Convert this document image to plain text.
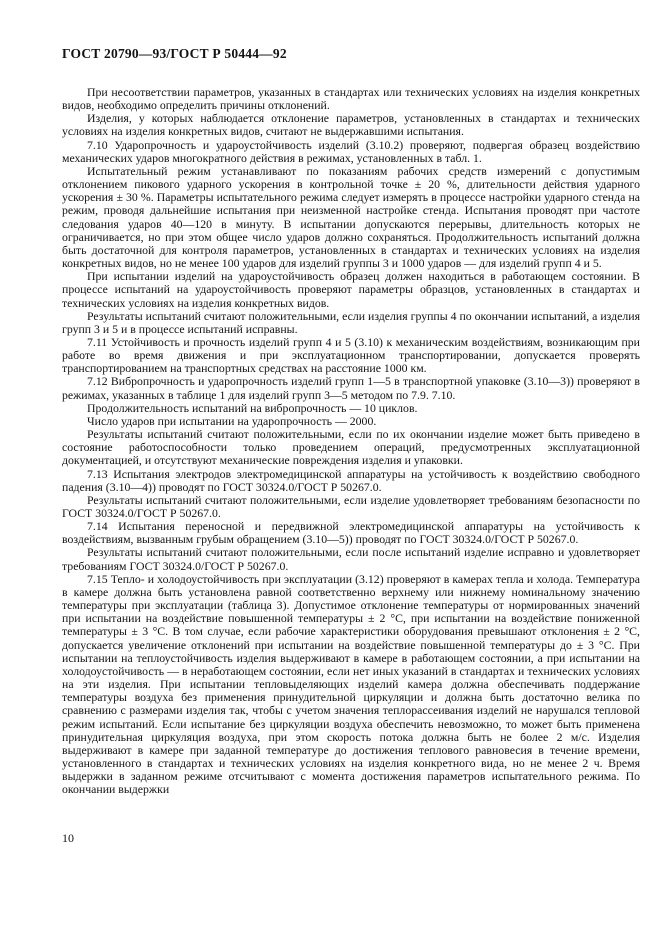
ГОСТ 20790—93/ГОСТ Р 50444—92

При несоответствии параметров, указанных в стандартах или технических условиях на изделия конкретных видов, необходимо определить причины отклонений.

Изделия, у которых наблюдается отклонение параметров, установленных в стандартах и технических условиях на изделия конкретных видов, считают не выдержавшими испытания.

7.10 Ударопрочность и удароустойчивость изделий (3.10.2) проверяют, подвергая образец воздействию механических ударов многократного действия в режимах, установленных в табл. 1.

Испытательный режим устанавливают по показаниям рабочих средств измерений с допустимым отклонением пикового ударного ускорения в контрольной точке ± 20 %, длительности действия ударного ускорения ± 30 %. Параметры испытательного режима следует измерять в процессе настройки ударного стенда на режим, проводя дальнейшие испытания при неизменной настройке стенда. Испытания проводят при частоте следования ударов 40—120 в минуту. В испытании допускаются перерывы, длительность которых не ограничивается, но при этом общее число ударов должно сохраняться. Продолжительность испытаний должна быть достаточной для контроля параметров, установленных в стандартах и технических условиях на изделия конкретных видов, но не менее 100 ударов для изделий группы 3 и 1000 ударов — для изделий групп 4 и 5.

При испытании изделий на удароустойчивость образец должен находиться в работающем состоянии. В процессе испытаний на удароустойчивость проверяют параметры образцов, установленных в стандартах и технических условиях на изделия конкретных видов.

Результаты испытаний считают положительными, если изделия группы 4 по окончании испытаний, а изделия групп 3 и 5 и в процессе испытаний исправны.

7.11 Устойчивость и прочность изделий групп 4 и 5 (3.10) к механическим воздействиям, возникающим при работе во время движения и при эксплуатационном транспортировании, допускается проверять транспортированием на транспортных средствах на расстояние 1000 км.

7.12 Вибропрочность и ударопрочность изделий групп 1—5 в транспортной упаковке (3.10—3)) проверяют в режимах, указанных в таблице 1 для изделий групп 3—5 методом по 7.9. 7.10.

Продолжительность испытаний на вибропрочность — 10 циклов.

Число ударов при испытании на ударопрочность — 2000.

Результаты испытаний считают положительными, если по их окончании изделие может быть приведено в состояние работоспособности только проведением операций, предусмотренных эксплуатационной документацией, и отсутствуют механические повреждения изделия и упаковки.

7.13 Испытания электродов электромедицинской аппаратуры на устойчивость к воздействию свободного падения (3.10—4)) проводят по ГОСТ 30324.0/ГОСТ Р 50267.0.

Результаты испытаний считают положительными, если изделие удовлетворяет требованиям безопасности по ГОСТ 30324.0/ГОСТ Р 50267.0.

7.14 Испытания переносной и передвижной электромедицинской аппаратуры на устойчивость к воздействиям, вызванным грубым обращением (3.10—5)) проводят по ГОСТ 30324.0/ГОСТ Р 50267.0.

Результаты испытаний считают положительными, если после испытаний изделие исправно и удовлетворяет требованиям ГОСТ 30324.0/ГОСТ Р 50267.0.

7.15 Тепло- и холодоустойчивость при эксплуатации (3.12) проверяют в камерах тепла и холода. Температура в камере должна быть установлена равной соответственно верхнему или нижнему номинальному значению температуры при эксплуатации (таблица 3). Допустимое отклонение температуры от нормированных значений при испытании на воздействие повышенной температуры ± 2 °С, при испытании на воздействие пониженной температуры ± 3 °С. В том случае, если рабочие характеристики оборудования превышают отклонения ± 2 °С, допускается увеличение отклонений при испытании на воздействие повышенной температуры до ± 3 °С. При испытании на теплоустойчивость изделия выдерживают в камере в работающем состоянии, а при испытании на холодоустойчивость — в неработающем состоянии, если нет иных указаний в стандартах и технических условиях на эти изделия. При испытании тепловыделяющих изделий камера должна обеспечивать поддержание температуры воздуха без применения принудительной циркуляции и должна быть достаточно велика по сравнению с размерами изделия так, чтобы с учетом значения теплорассеивания изделий не нарушался тепловой режим испытаний. Если испытание без циркуляции воздуха обеспечить невозможно, то может быть применена принудительная циркуляция воздуха, при этом скорость потока должна быть не более 2 м/с. Изделия выдерживают в камере при заданной температуре до достижения теплового равновесия в течение времени, установленного в стандартах и технических условиях на изделия конкретного вида, но не менее 2 ч. Время выдержки в заданном режиме отсчитывают с момента достижения параметров испытательного режима. По окончании выдержки

10
